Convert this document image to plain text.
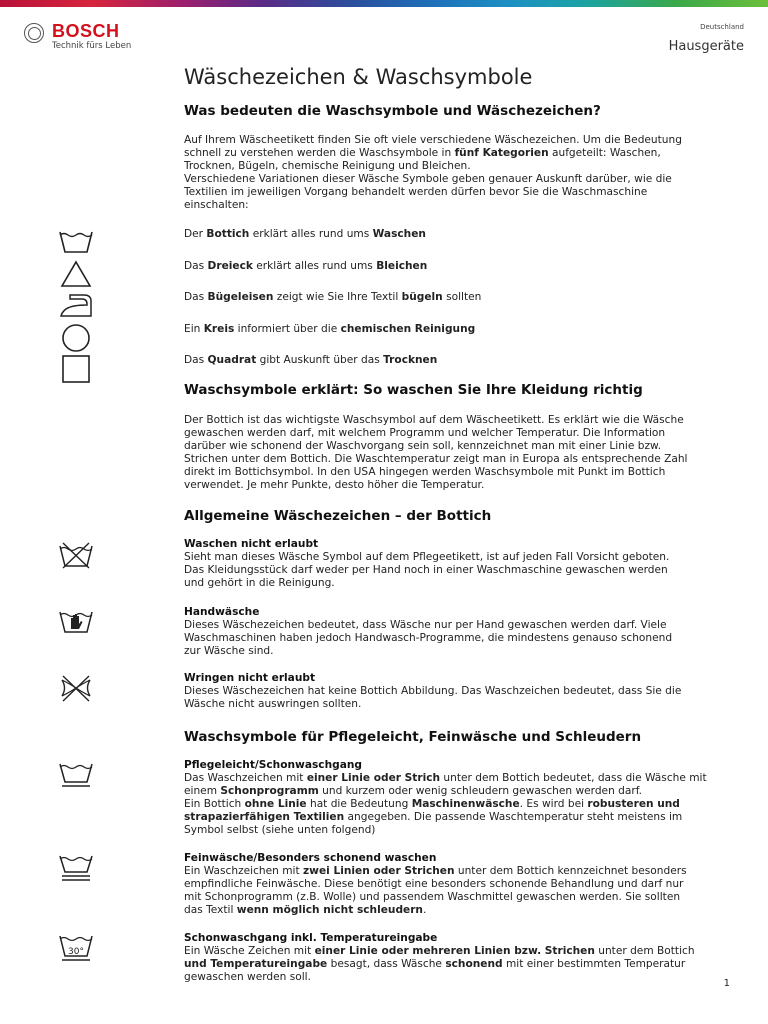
BOSCH
Technik fürs Leben
Deutschland
Hausgeräte
Wäschezeichen & Waschsymbole
Was bedeuten die Waschsymbole und Wäschezeichen?
Auf Ihrem Wäscheetikett finden Sie oft viele verschiedene Wäschezeichen. Um die Bedeutung
schnell zu verstehen werden die Waschsymbole in fünf Kategorien aufgeteilt: Waschen,
Trocknen, Bügeln, chemische Reinigung und Bleichen.
Verschiedene Variationen dieser Wäsche Symbole geben genauer Auskunft darüber, wie die
Textilien im jeweiligen Vorgang behandelt werden dürfen bevor Sie die Waschmaschine
einschalten:
Der Bottich erklärt alles rund ums Waschen
Das Dreieck erklärt alles rund ums Bleichen
Das Bügeleisen zeigt wie Sie Ihre Textil bügeln sollten
Ein Kreis informiert über die chemischen Reinigung
Das Quadrat gibt Auskunft über das Trocknen
Waschsymbole erklärt: So waschen Sie Ihre Kleidung richtig
Der Bottich ist das wichtigste Waschsymbol auf dem Wäscheetikett. Es erklärt wie die Wäsche
gewaschen werden darf, mit welchem Programm und welcher Temperatur. Die Information
darüber wie schonend der Waschvorgang sein soll, kennzeichnet man mit einer Linie bzw.
Strichen unter dem Bottich. Die Waschtemperatur zeigt man in Europa als entsprechende Zahl
direkt im Bottichsymbol. In den USA hingegen werden Waschsymbole mit Punkt im Bottich
verwendet. Je mehr Punkte, desto höher die Temperatur.
Allgemeine Wäschezeichen – der Bottich
Waschen nicht erlaubt
Sieht man dieses Wäsche Symbol auf dem Pflegeetikett, ist auf jeden Fall Vorsicht geboten.
Das Kleidungsstück darf weder per Hand noch in einer Waschmaschine gewaschen werden
und gehört in die Reinigung.
Handwäsche
Dieses Wäschezeichen bedeutet, dass Wäsche nur per Hand gewaschen werden darf. Viele
Waschmaschinen haben jedoch Handwasch-Programme, die mindestens genauso schonend
zur Wäsche sind.
Wringen nicht erlaubt
Dieses Wäschezeichen hat keine Bottich Abbildung. Das Waschzeichen bedeutet, dass Sie die
Wäsche nicht auswringen sollten.
Waschsymbole für Pflegeleicht, Feinwäsche und Schleudern
Pflegeleicht/Schonwaschgang
Das Waschzeichen mit einer Linie oder Strich unter dem Bottich bedeutet, dass die Wäsche mit
einem Schonprogramm und kurzem oder wenig schleudern gewaschen werden darf.
Ein Bottich ohne Linie hat die Bedeutung Maschinenwäsche. Es wird bei robusteren und
strapazierfähigen Textilien angegeben. Die passende Waschtemperatur steht meistens im
Symbol selbst (siehe unten folgend)
Feinwäsche/Besonders schonend waschen
Ein Waschzeichen mit zwei Linien oder Strichen unter dem Bottich kennzeichnet besonders
empfindliche Feinwäsche. Diese benötigt eine besonders schonende Behandlung und darf nur
mit Schonprogramm (z.B. Wolle) und passendem Waschmittel gewaschen werden. Sie sollten
das Textil wenn möglich nicht schleudern.
30°
Schonwaschgang inkl. Temperatureingabe
Ein Wäsche Zeichen mit einer Linie oder mehreren Linien bzw. Strichen unter dem Bottich
und Temperatureingabe besagt, dass Wäsche schonend mit einer bestimmten Temperatur
gewaschen werden soll.
1
